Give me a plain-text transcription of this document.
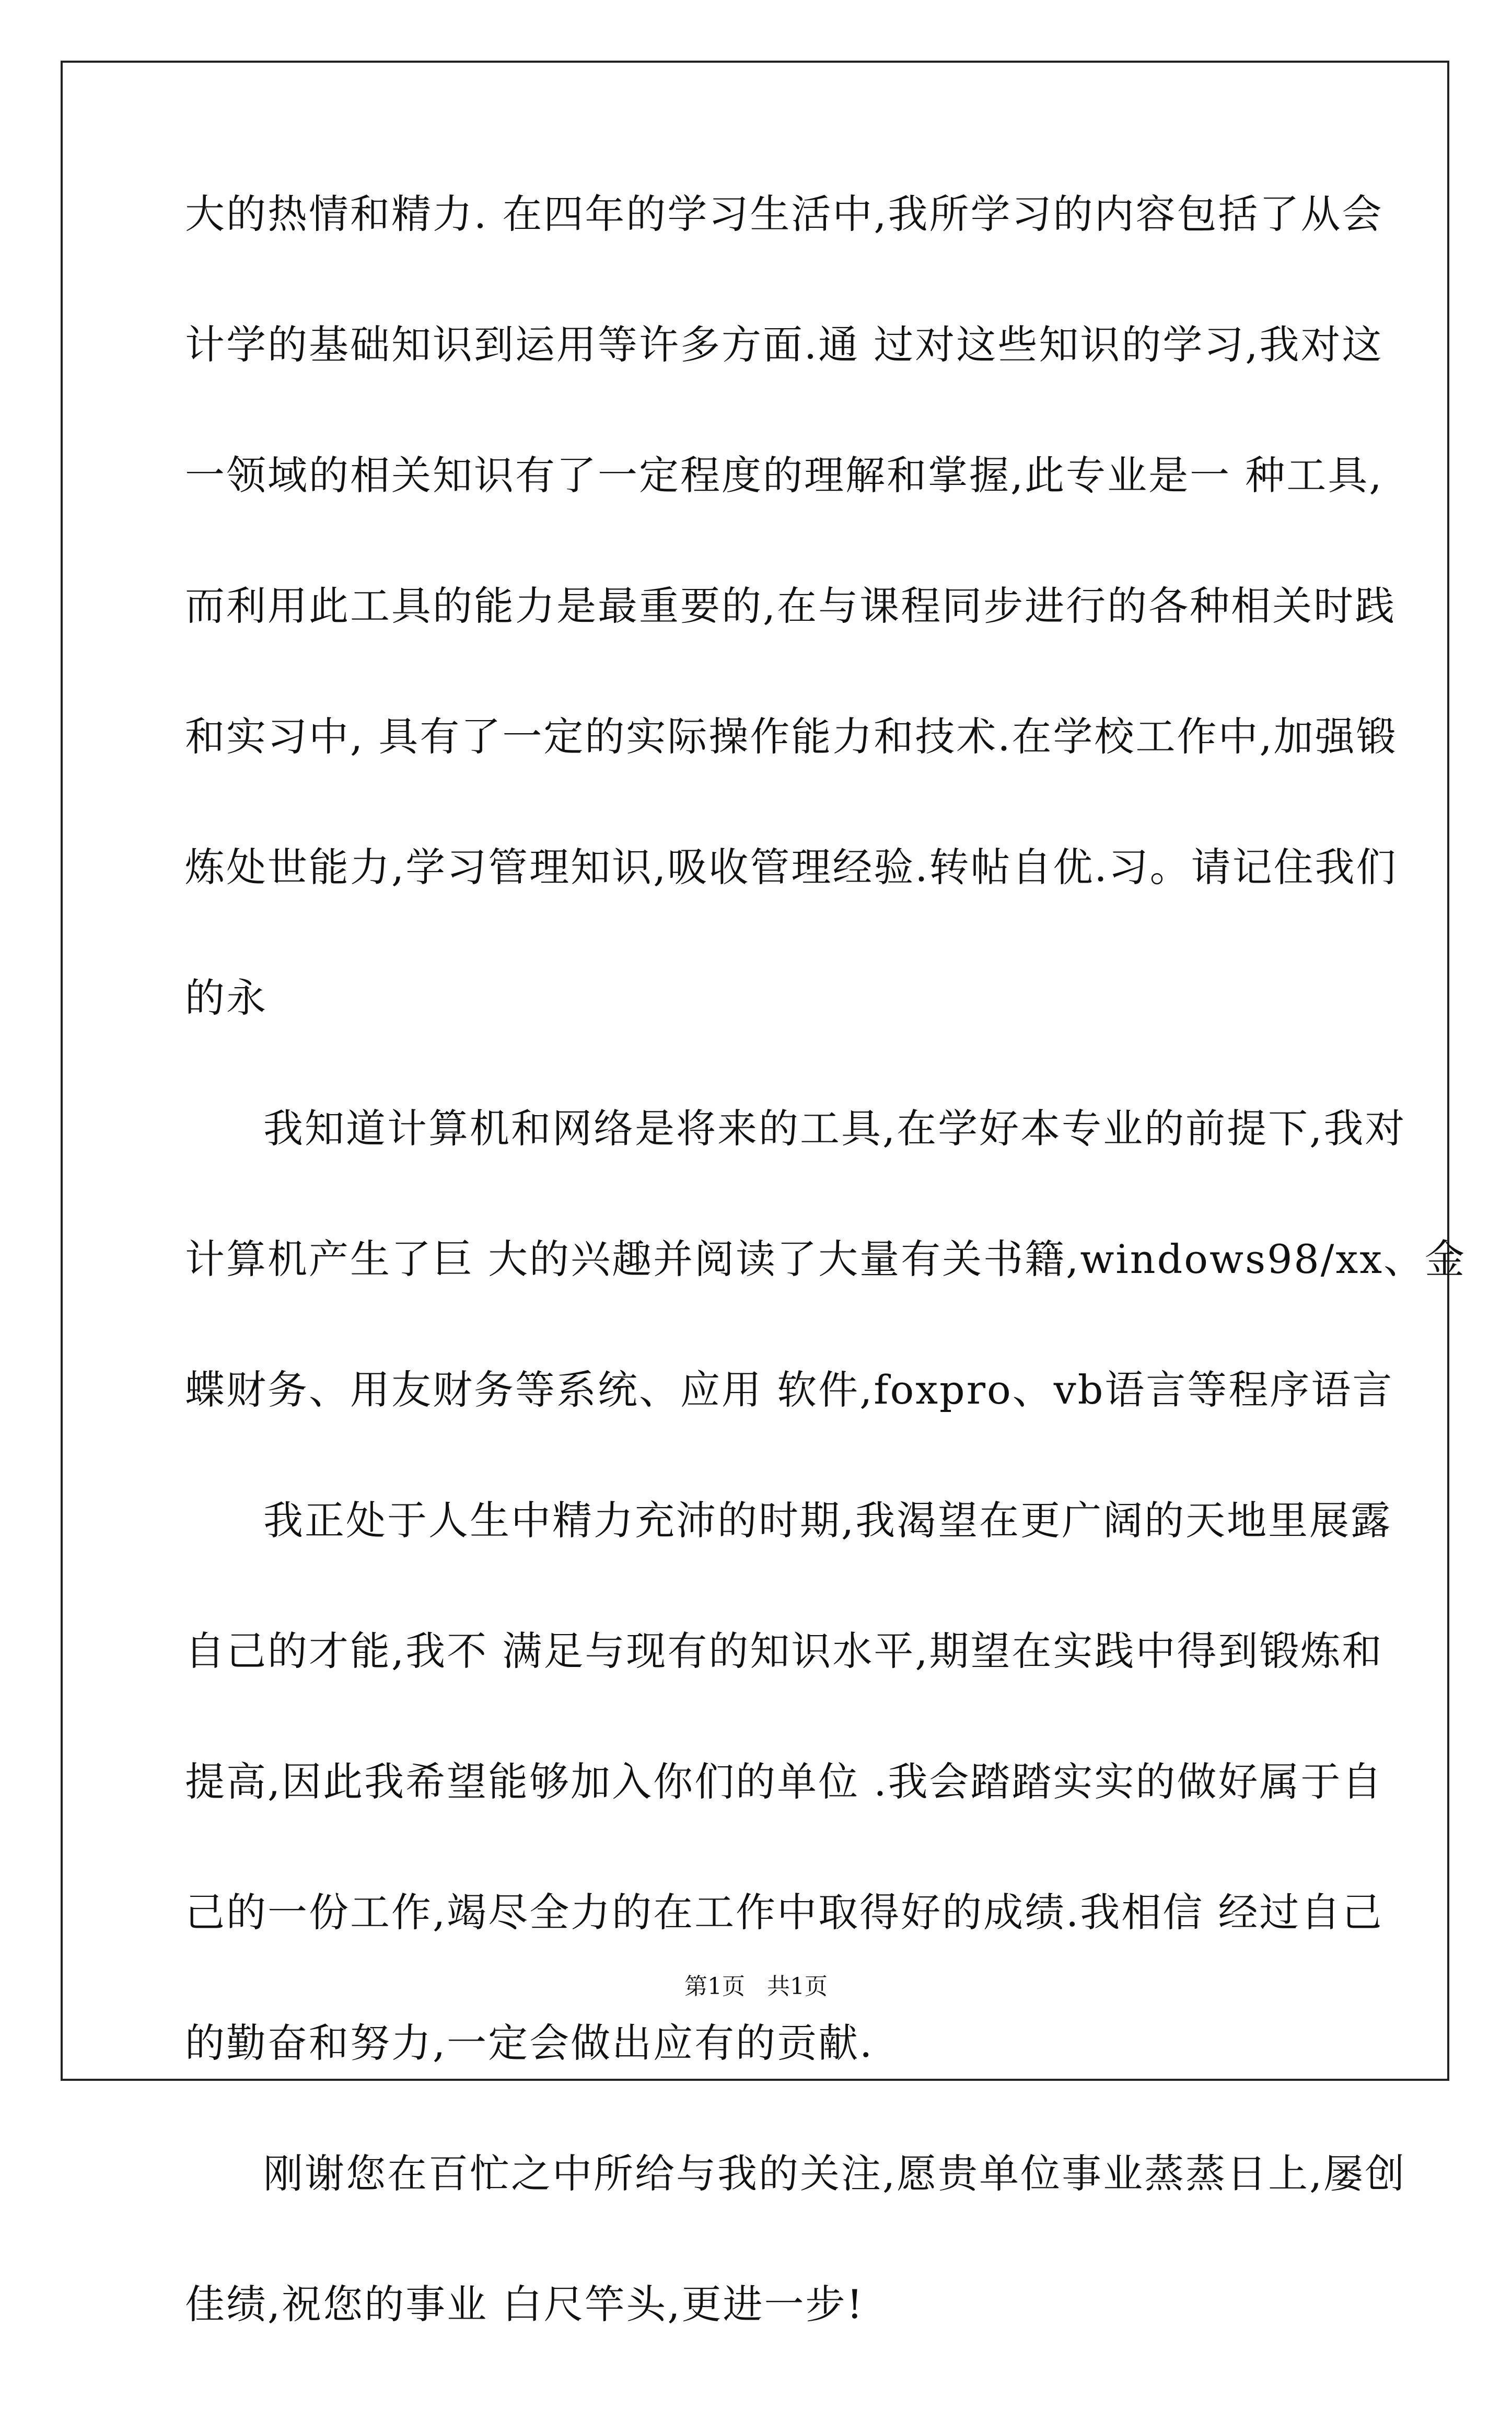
大的热情和精力. 在四年的学习生活中,我所学习的内容包括了从会
计学的基础知识到运用等许多方面.通 过对这些知识的学习,我对这
一领域的相关知识有了一定程度的理解和掌握,此专业是一 种工具,
而利用此工具的能力是最重要的,在与课程同步进行的各种相关时践
和实习中, 具有了一定的实际操作能力和技术.在学校工作中,加强锻
炼处世能力,学习管理知识,吸收管理经验.转帖自优.习。请记住我们
的永
我知道计算机和网络是将来的工具,在学好本专业的前提下,我对
计算机产生了巨 大的兴趣并阅读了大量有关书籍,windows98/xx、金
蝶财务、用友财务等系统、应用 软件,foxpro、vb语言等程序语言
我正处于人生中精力充沛的时期,我渴望在更广阔的天地里展露
自己的才能,我不 满足与现有的知识水平,期望在实践中得到锻炼和
提高,因此我希望能够加入你们的单位 .我会踏踏实实的做好属于自
己的一份工作,竭尽全力的在工作中取得好的成绩.我相信 经过自己
的勤奋和努力,一定会做出应有的贡献.
刚谢您在百忙之中所给与我的关注,愿贵单位事业蒸蒸日上,屡创
佳绩,祝您的事业 白尺竿头,更进一步!
第1页 共1页
